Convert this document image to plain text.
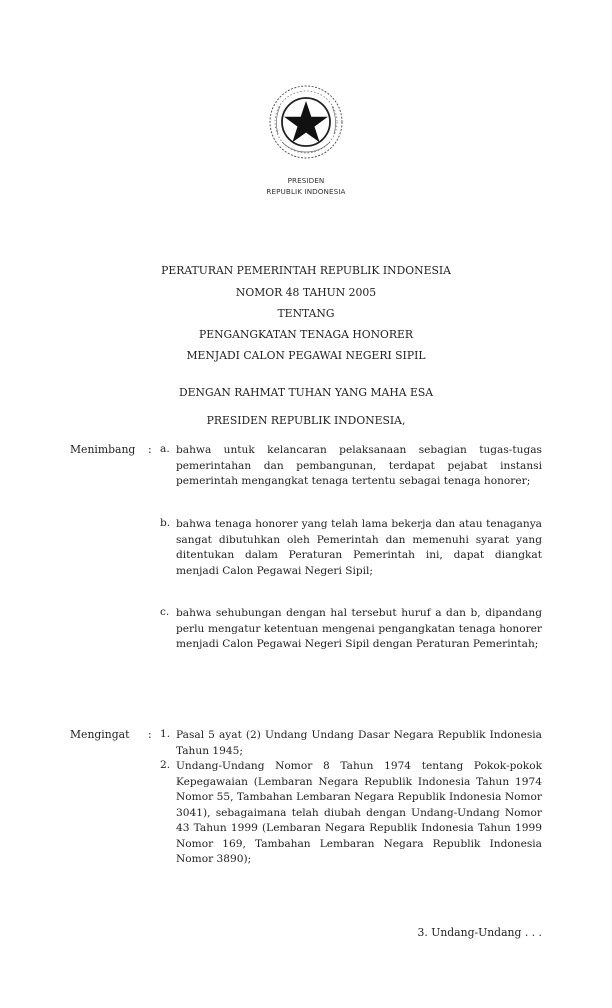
PRESIDEN
REPUBLIK INDONESIA
PERATURAN PEMERINTAH REPUBLIK INDONESIA
NOMOR 48 TAHUN 2005
TENTANG
PENGANGKATAN TENAGA HONORER
MENJADI CALON PEGAWAI NEGERI SIPIL
DENGAN RAHMAT TUHAN YANG MAHA ESA
PRESIDEN REPUBLIK INDONESIA,
Menimbang	: a. bahwa untuk kelancaran pelaksanaan sebagian tugas-tugas pemerintahan dan pembangunan, terdapat pejabat instansi pemerintah mengangkat tenaga tertentu sebagai tenaga honorer;
b. bahwa tenaga honorer yang telah lama bekerja dan atau tenaganya sangat dibutuhkan oleh Pemerintah dan memenuhi syarat yang ditentukan dalam Peraturan Pemerintah ini, dapat diangkat menjadi Calon Pegawai Negeri Sipil;
c. bahwa sehubungan dengan hal tersebut huruf a dan b, dipandang perlu mengatur ketentuan mengenai pengangkatan tenaga honorer menjadi Calon Pegawai Negeri Sipil dengan Peraturan Pemerintah;
Mengingat	: 1. Pasal 5 ayat (2) Undang Undang Dasar Negara Republik Indonesia Tahun 1945;
2. Undang-Undang Nomor 8 Tahun 1974 tentang Pokok-pokok Kepegawaian (Lembaran Negara Republik Indonesia Tahun 1974 Nomor 55, Tambahan Lembaran Negara Republik Indonesia Nomor 3041), sebagaimana telah diubah dengan Undang-Undang Nomor 43 Tahun 1999 (Lembaran Negara Republik Indonesia Tahun 1999 Nomor 169, Tambahan Lembaran Negara Republik Indonesia Nomor 3890);
3. Undang-Undang . . .
